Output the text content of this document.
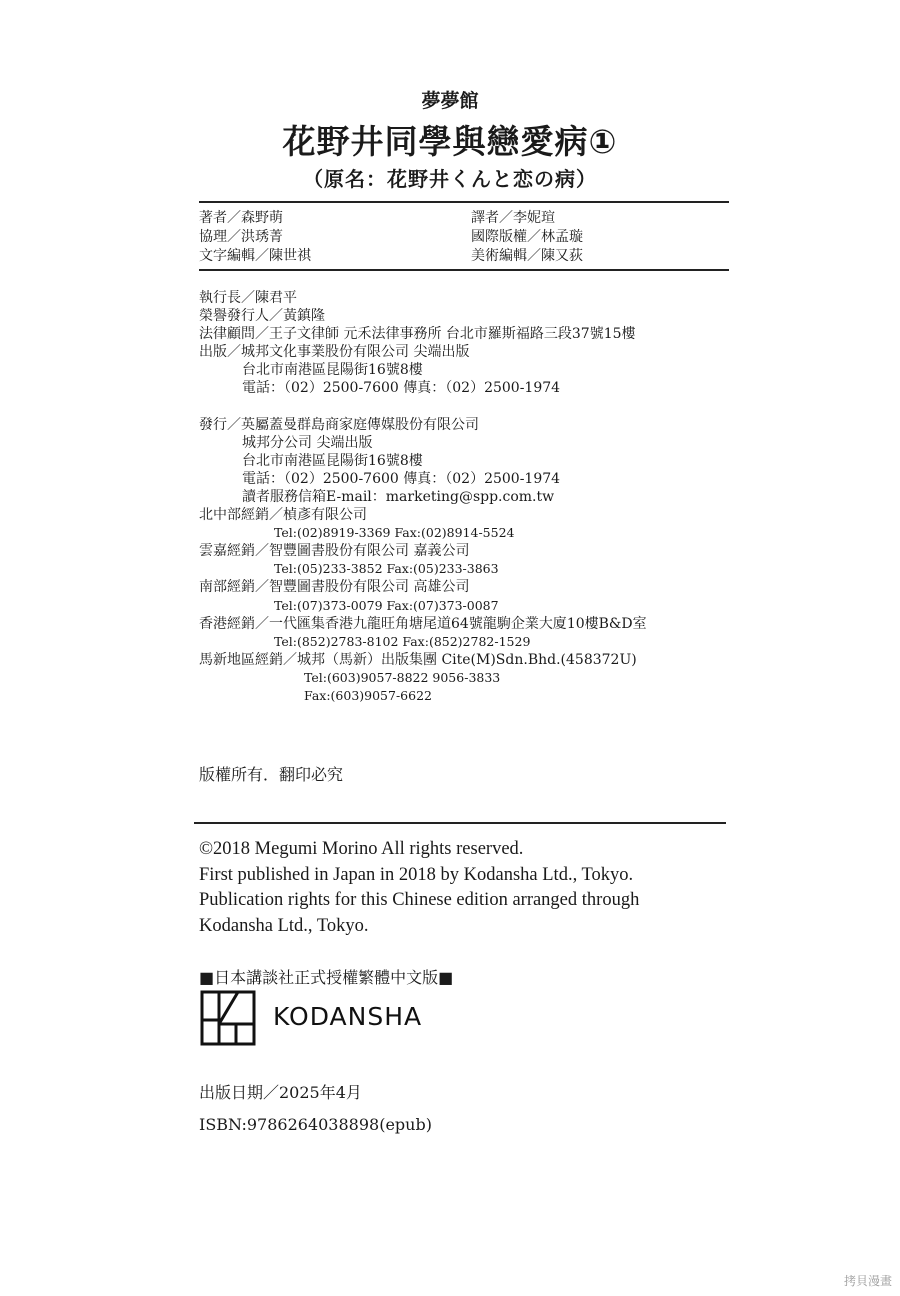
夢夢館
花野井同學與戀愛病①
（原名：花野井くんと恋の病）
著者／森野萌	譯者／李妮瑄
協理／洪琇菁	國際版權／林孟璇
文字編輯／陳世祺	美術編輯／陳又荻
執行長／陳君平
榮譽發行人／黃鎮隆
法律顧問／王子文律師 元禾法律事務所 台北市羅斯福路三段37號15樓
出版／城邦文化事業股份有限公司 尖端出版
台北市南港區昆陽街16號8樓
電話：（02）2500-7600 傳真：（02）2500-1974
發行／英屬蓋曼群島商家庭傳媒股份有限公司
城邦分公司 尖端出版
台北市南港區昆陽街16號8樓
電話：（02）2500-7600 傳真：（02）2500-1974
讀者服務信箱E-mail：marketing@spp.com.tw
北中部經銷／楨彥有限公司
Tel:(02)8919-3369 Fax:(02)8914-5524
雲嘉經銷／智豐圖書股份有限公司 嘉義公司
Tel:(05)233-3852 Fax:(05)233-3863
南部經銷／智豐圖書股份有限公司 高雄公司
Tel:(07)373-0079 Fax:(07)373-0087
香港經銷／一代匯集香港九龍旺角塘尾道64號龍駒企業大廈10樓B&D室
Tel:(852)2783-8102 Fax:(852)2782-1529
馬新地區經銷／城邦（馬新）出版集團 Cite(M)Sdn.Bhd.(458372U)
Tel:(603)9057-8822 9056-3833
Fax:(603)9057-6622
版權所有．翻印必究
©2018 Megumi Morino All rights reserved.
First published in Japan in 2018 by Kodansha Ltd., Tokyo.
Publication rights for this Chinese edition arranged through
Kodansha Ltd., Tokyo.
■日本講談社正式授權繁體中文版■
KODANSHA
出版日期／2025年4月
ISBN:9786264038898(epub)
拷貝漫畫
